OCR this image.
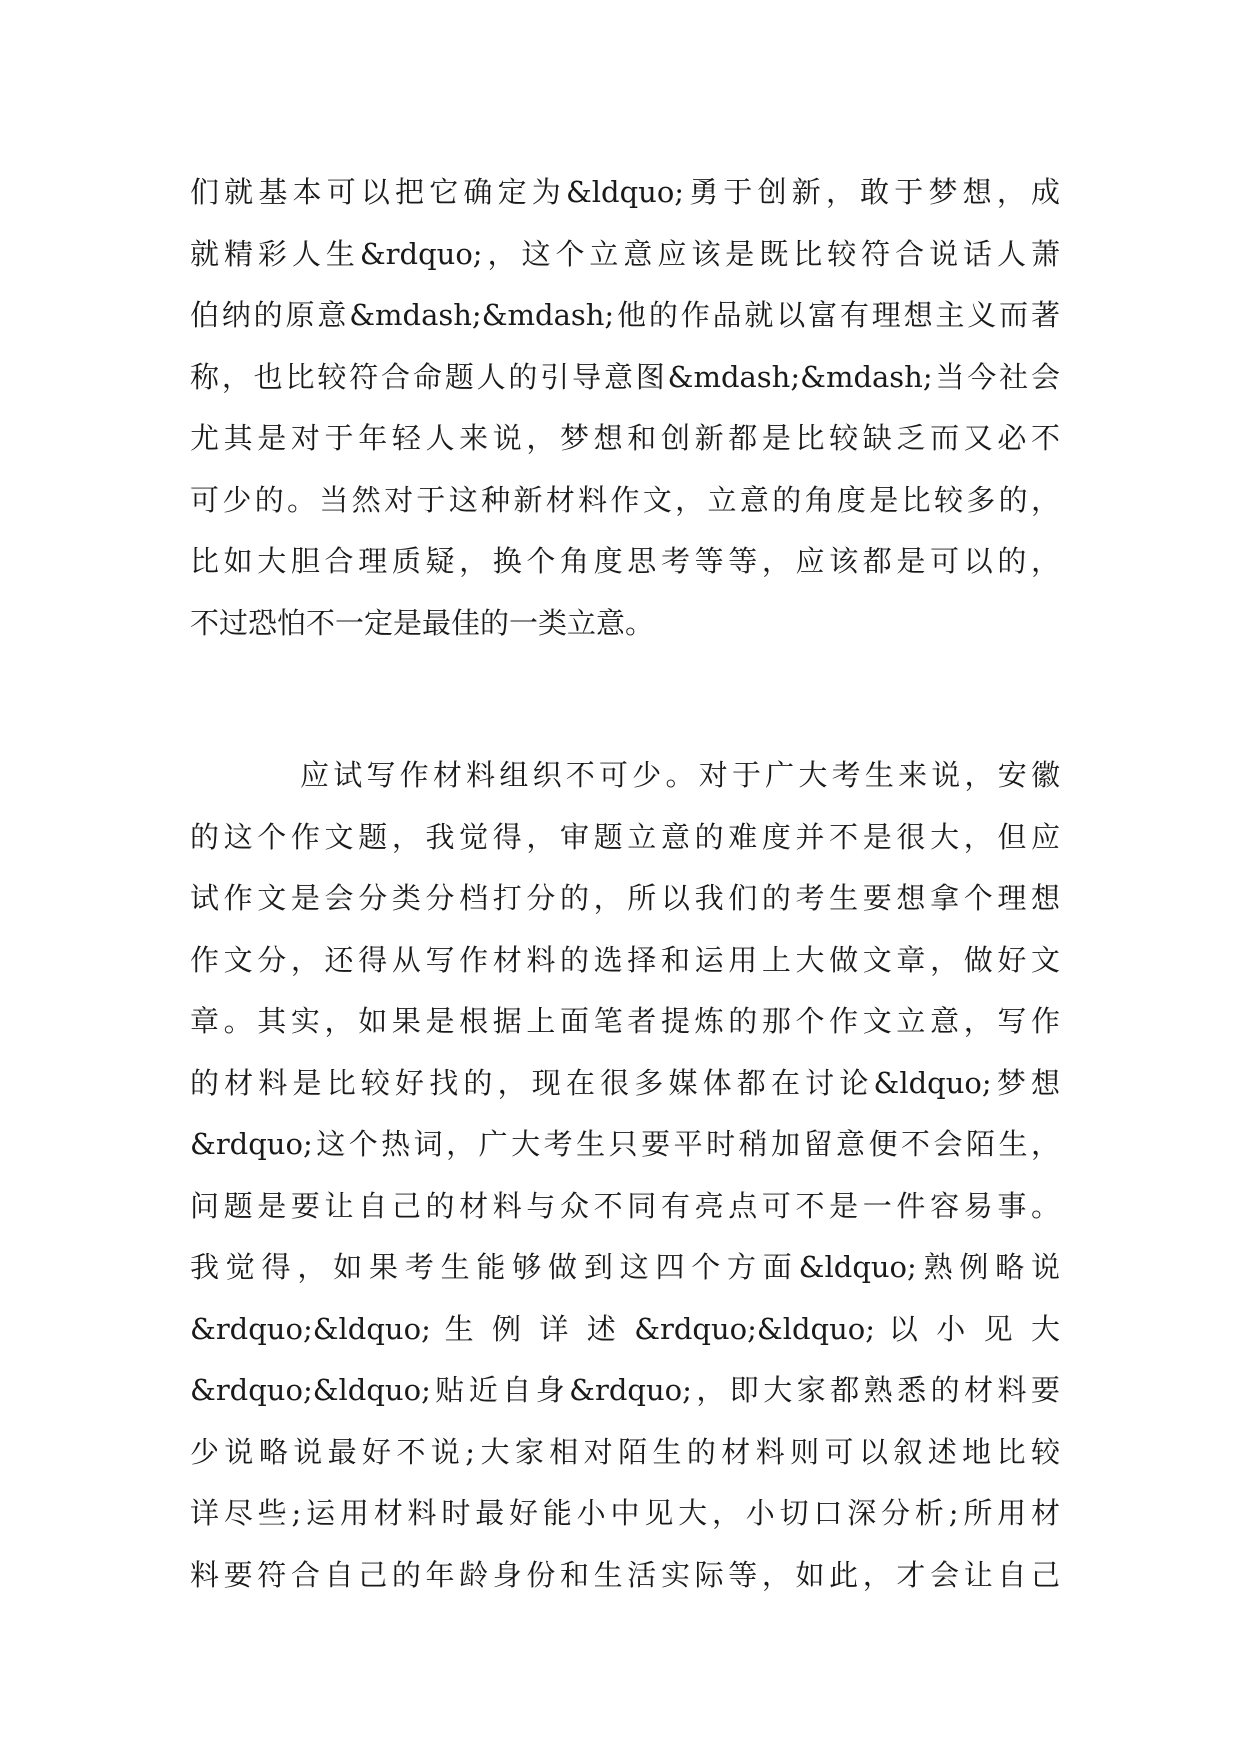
们就基本可以把它确定为&ldquo;勇于创新，敢于梦想，成
就精彩人生&rdquo;，这个立意应该是既比较符合说话人萧
伯纳的原意&mdash;&mdash;他的作品就以富有理想主义而著
称，也比较符合命题人的引导意图&mdash;&mdash;当今社会
尤其是对于年轻人来说，梦想和创新都是比较缺乏而又必不
可少的。当然对于这种新材料作文，立意的角度是比较多的，
比如大胆合理质疑，换个角度思考等等，应该都是可以的，
不过恐怕不一定是最佳的一类立意。
应试写作材料组织不可少。对于广大考生来说，安徽
的这个作文题，我觉得，审题立意的难度并不是很大，但应
试作文是会分类分档打分的，所以我们的考生要想拿个理想
作文分，还得从写作材料的选择和运用上大做文章，做好文
章。其实，如果是根据上面笔者提炼的那个作文立意，写作
的材料是比较好找的，现在很多媒体都在讨论&ldquo;梦想
&rdquo;这个热词，广大考生只要平时稍加留意便不会陌生，
问题是要让自己的材料与众不同有亮点可不是一件容易事。
我觉得，如果考生能够做到这四个方面&ldquo;熟例略说
&rdquo;&ldquo; 生 例 详 述 &rdquo;&ldquo; 以 小 见 大
&rdquo;&ldquo;贴近自身&rdquo;，即大家都熟悉的材料要
少说略说最好不说;大家相对陌生的材料则可以叙述地比较
详尽些;运用材料时最好能小中见大，小切口深分析;所用材
料要符合自己的年龄身份和生活实际等，如此，才会让自己
